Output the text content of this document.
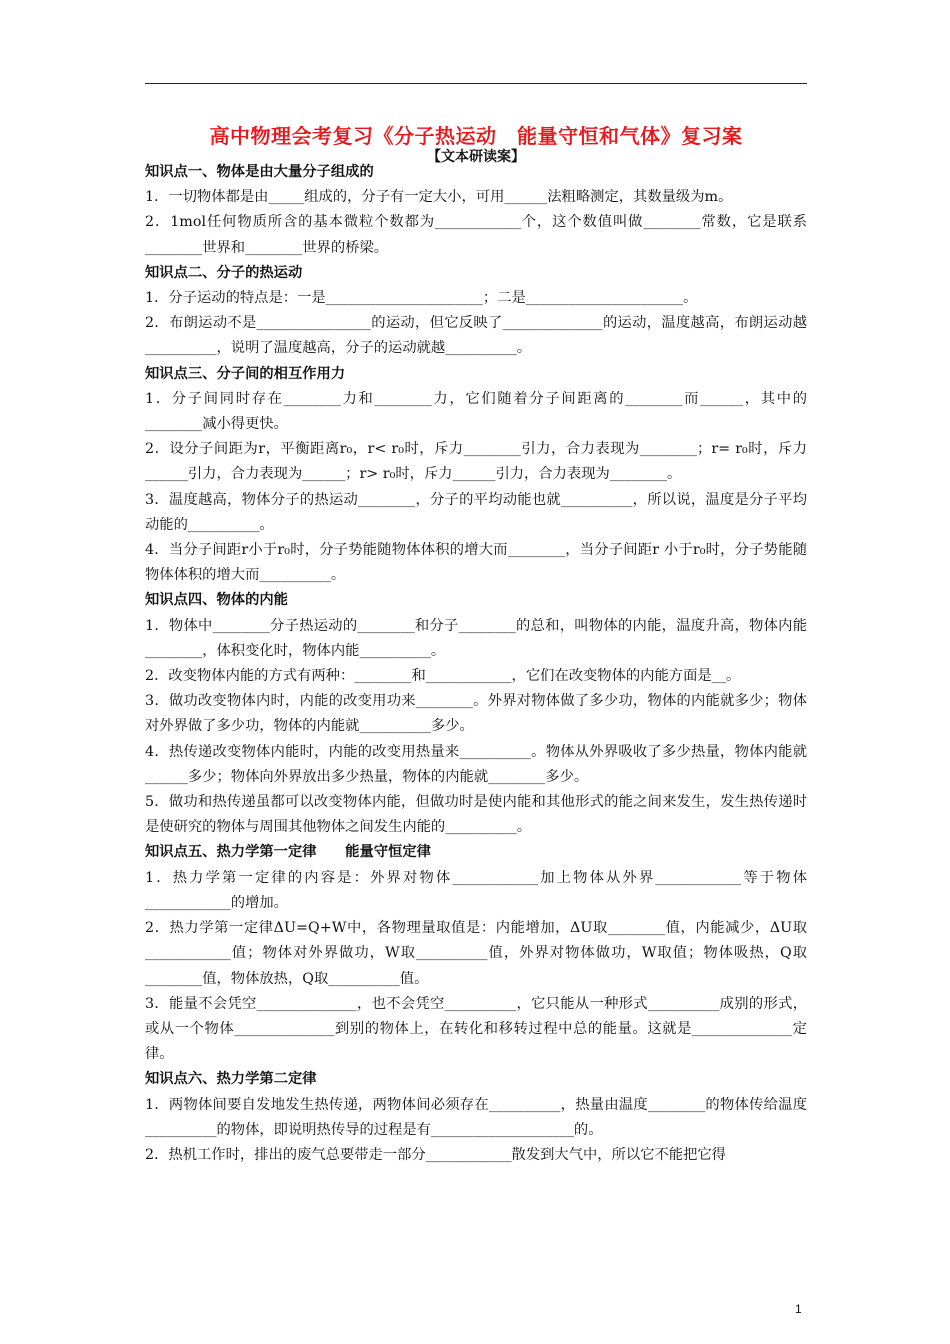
高中物理会考复习《分子热运动　能量守恒和气体》复习案
【文本研读案】

知识点一、物体是由大量分子组成的

1．一切物体都是由_____组成的，分子有一定大小，可用______法粗略测定，其数量级为m。

2．1mol任何物质所含的基本微粒个数都为____________个，这个数值叫做________常数，它是联系________世界和________世界的桥梁。

知识点二、分子的热运动

1．分子运动的特点是：一是______________________；二是______________________。

2．布朗运动不是________________的运动，但它反映了______________的运动，温度越高，布朗运动越__________，说明了温度越高，分子的运动就越__________。

知识点三、分子间的相互作用力

1．分子间同时存在________力和________力，它们随着分子间距离的________而______，其中的________减小得更快。

2．设分子间距为r，平衡距离r₀，r< r₀时，斥力________引力，合力表现为________；r= r₀时，斥力______引力，合力表现为______；r> r₀时，斥力______引力，合力表现为________。

3．温度越高，物体分子的热运动________，分子的平均动能也就__________，所以说，温度是分子平均动能的__________。

4．当分子间距r小于r₀时，分子势能随物体体积的增大而________，当分子间距r 小于r₀时，分子势能随物体体积的增大而__________。

知识点四、物体的内能

1．物体中________分子热运动的________和分子________的总和，叫物体的内能，温度升高，物体内能________，体积变化时，物体内能__________。

2．改变物体内能的方式有两种：________和____________，它们在改变物体的内能方面是__。

3．做功改变物体内时，内能的改变用功来________。外界对物体做了多少功，物体的内能就多少；物体对外界做了多少功，物体的内能就__________多少。

4．热传递改变物体内能时，内能的改变用热量来__________。物体从外界吸收了多少热量，物体内能就______多少；物体向外界放出多少热量，物体的内能就________多少。

5．做功和热传递虽都可以改变物体内能，但做功时是使内能和其他形式的能之间来发生，发生热传递时是使研究的物体与周围其他物体之间发生内能的__________。

知识点五、热力学第一定律　　能量守恒定律

1．热力学第一定律的内容是：外界对物体____________加上物体从外界____________等于物体____________的增加。

2．热力学第一定律ΔU=Q+W中，各物理量取值是：内能增加，ΔU取________值，内能减少，ΔU取____________值；物体对外界做功，W取__________值，外界对物体做功，W取值；物体吸热，Q取________值，物体放热，Q取__________值。

3．能量不会凭空______________，也不会凭空__________，它只能从一种形式__________成别的形式，或从一个物体______________到别的物体上，在转化和移转过程中总的能量。这就是______________定律。

知识点六、热力学第二定律

1．两物体间要自发地发生热传递，两物体间必须存在__________，热量由温度________的物体传给温度__________的物体，即说明热传导的过程是有____________________的。

2．热机工作时，排出的废气总要带走一部分____________散发到大气中，所以它不能把它得

1
